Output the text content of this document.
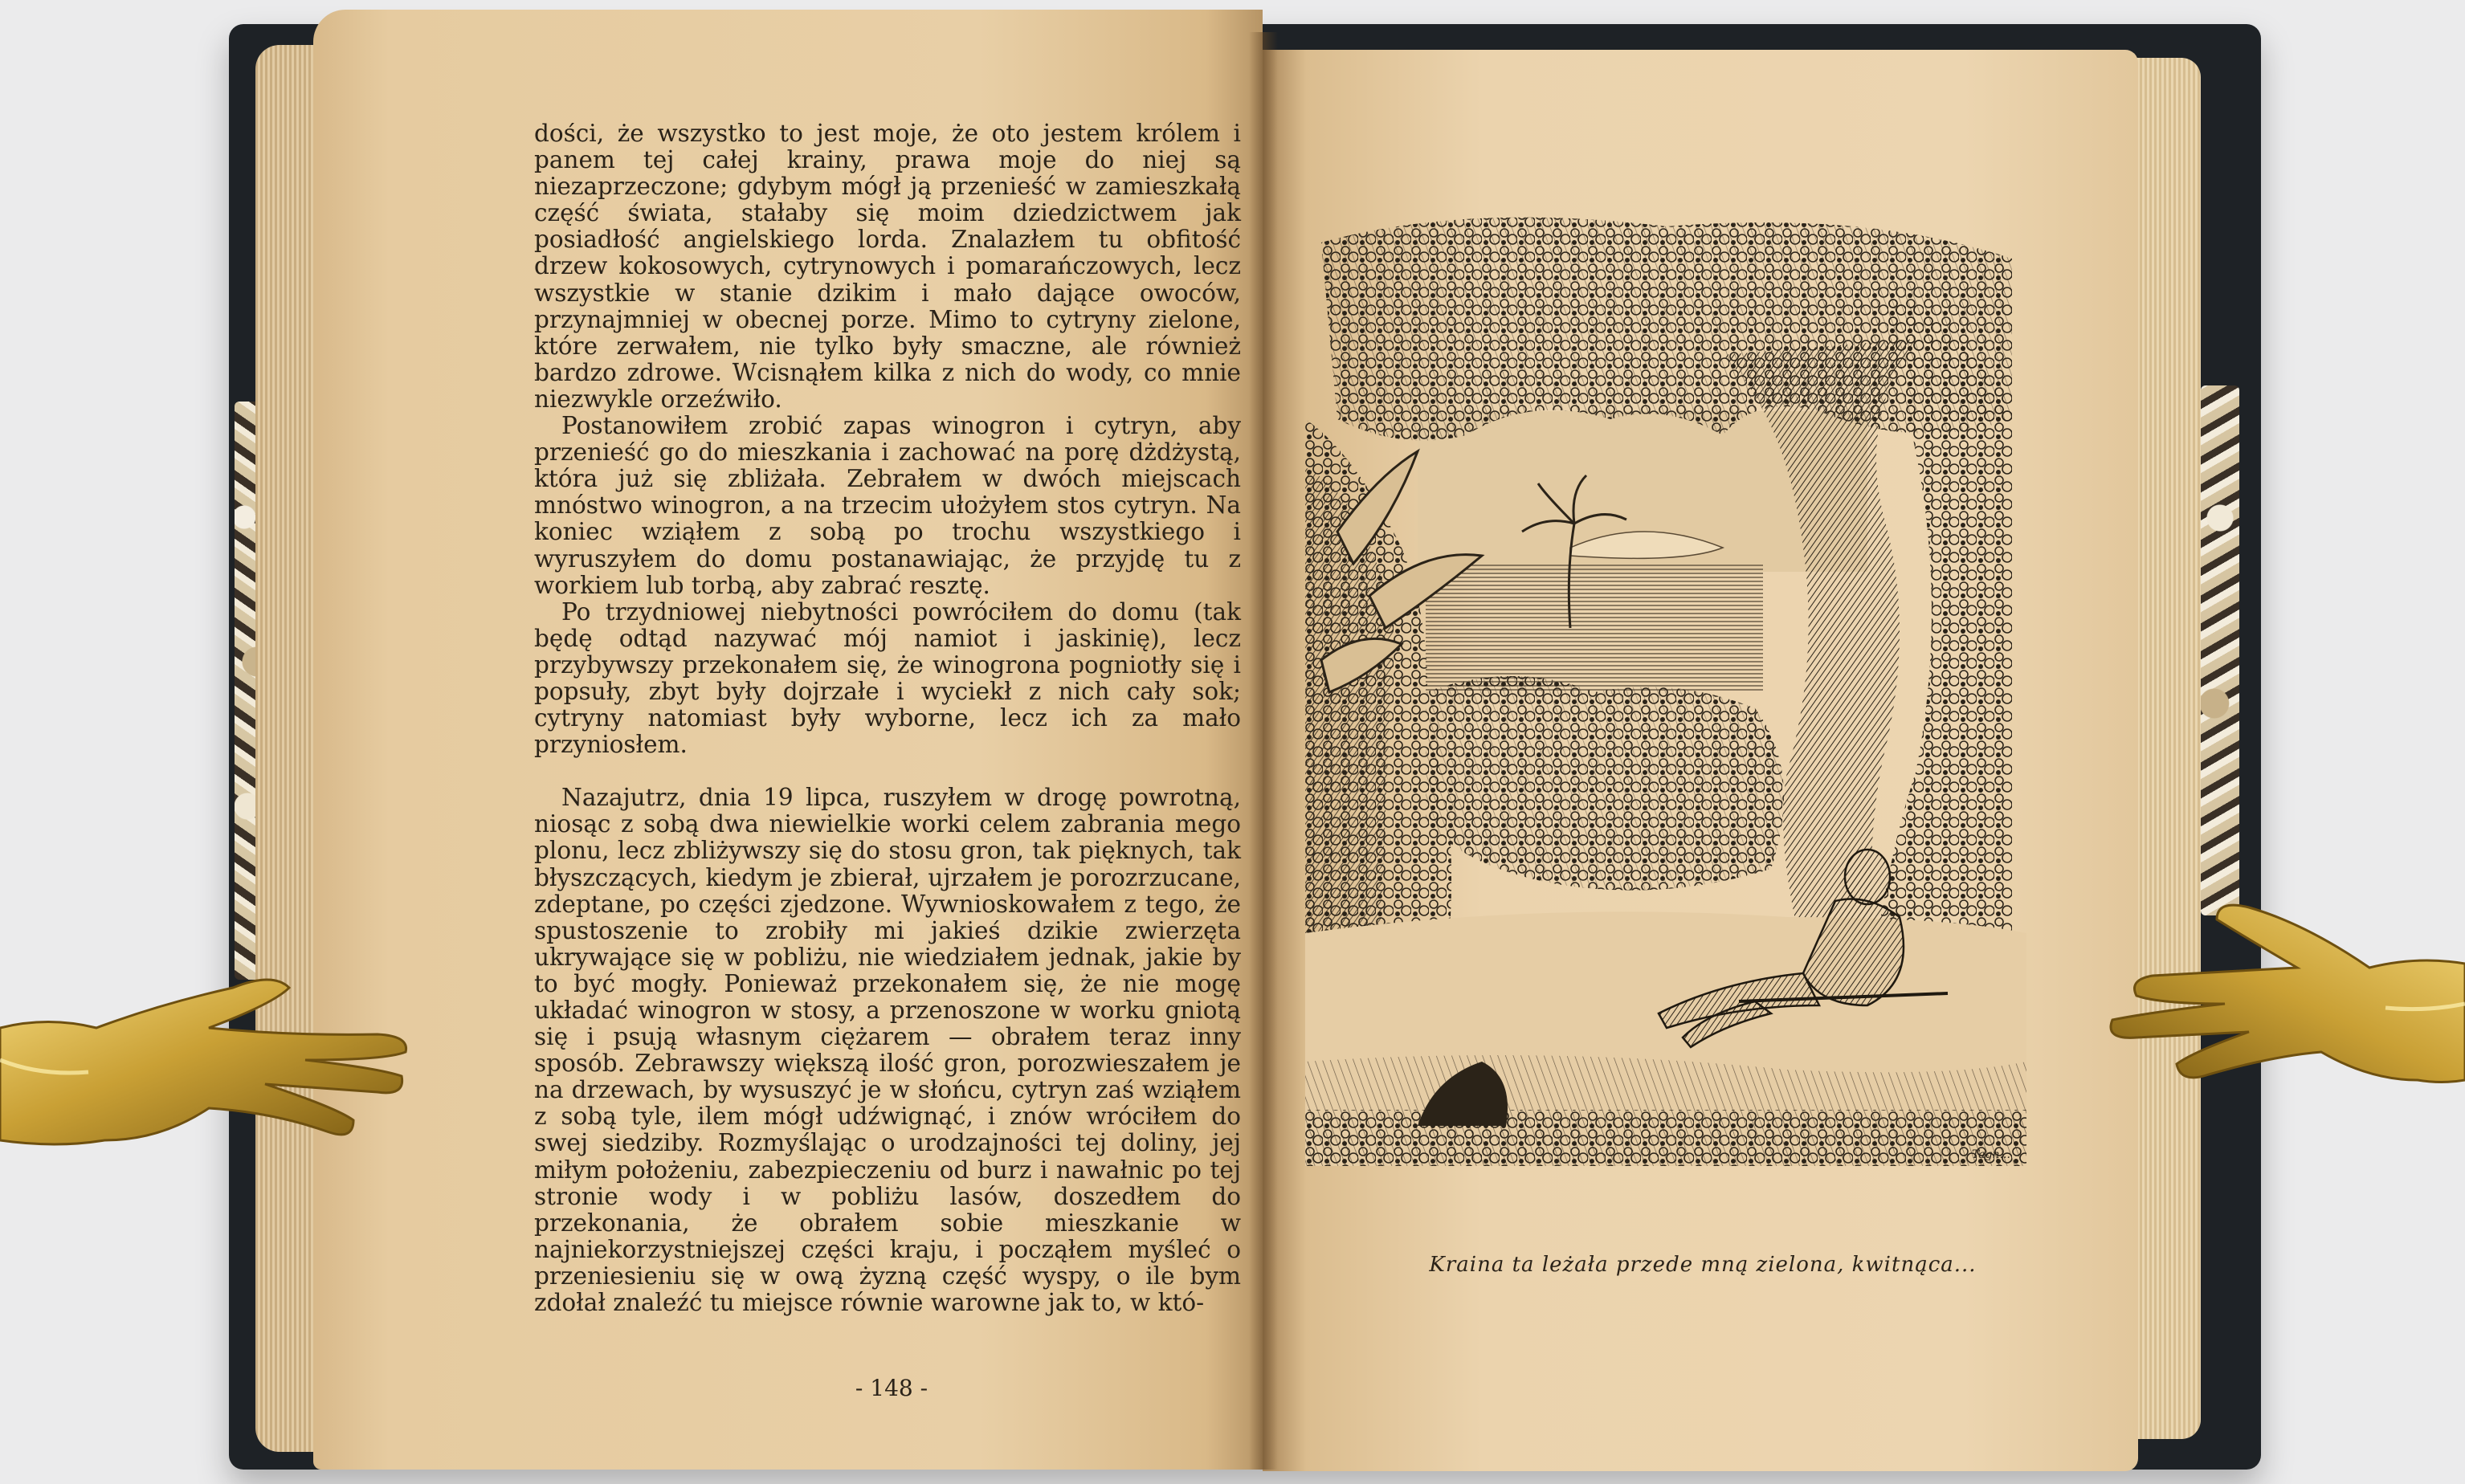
dości, że wszystko to jest moje, że oto jestem królem i panem tej całej krainy, prawa moje do niej są niezaprzeczone; gdybym mógł ją przenieść w zamieszkałą część świata, stałaby się moim dziedzictwem jak posiadłość angielskiego lorda. Znalazłem tu obfitość drzew kokosowych, cytrynowych i pomarańczowych, lecz wszystkie w stanie dzikim i mało dające owoców, przynajmniej w obecnej porze. Mimo to cytryny zielone, które zerwałem, nie tylko były smaczne, ale również bardzo zdrowe. Wcisnąłem kilka z nich do wody, co mnie niezwykle orzeźwiło.

Postanowiłem zrobić zapas winogron i cytryn, aby przenieść go do mieszkania i zachować na porę dżdżystą, która już się zbliżała. Zebrałem w dwóch miejscach mnóstwo winogron, a na trzecim ułożyłem stos cytryn. Na koniec wziąłem z sobą po trochu wszystkiego i wyruszyłem do domu postanawiając, że przyjdę tu z workiem lub torbą, aby zabrać resztę.

Po trzydniowej niebytności powróciłem do domu (tak będę odtąd nazywać mój namiot i jaskinię), lecz przybywszy przekonałem się, że winogrona pogniotły się i popsuły, zbyt były dojrzałe i wyciekł z nich cały sok; cytryny natomiast były wyborne, lecz ich za mało przyniosłem.

Nazajutrz, dnia 19 lipca, ruszyłem w drogę powrotną, niosąc z sobą dwa niewielkie worki celem zabrania mego plonu, lecz zbliżywszy się do stosu gron, tak pięknych, tak błyszczących, kiedym je zbierał, ujrzałem je porozrzucane, zdeptane, po części zjedzone. Wywnioskowałem z tego, że spustoszenie to zrobiły mi jakieś dzikie zwierzęta ukrywające się w pobliżu, nie wiedziałem jednak, jakie by to być mogły. Ponieważ przekonałem się, że nie mogę układać winogron w stosy, a przenoszone w worku gniotą się i psują własnym ciężarem — obrałem teraz inny sposób. Zebrawszy większą ilość gron, porozwieszałem je na drzewach, by wysuszyć je w słońcu, cytryn zaś wziąłem z sobą tyle, ilem mógł udźwignąć, i znów wróciłem do swej siedziby. Rozmyślając o urodzajności tej doliny, jej miłym położeniu, zabezpieczeniu od burz i nawałnic po tej stronie wody i w pobliżu lasów, doszedłem do przekonania, że obrałem sobie mieszkanie w najniekorzystniejszej części kraju, i począłem myśleć o przeniesieniu się w ową żyzną część wyspy, o ile bym zdołał znaleźć tu miejsce równie warowne jak to, w któ-

- 148 -
Tagn...
Kraina ta leżała przede mną zielona, kwitnąca...
